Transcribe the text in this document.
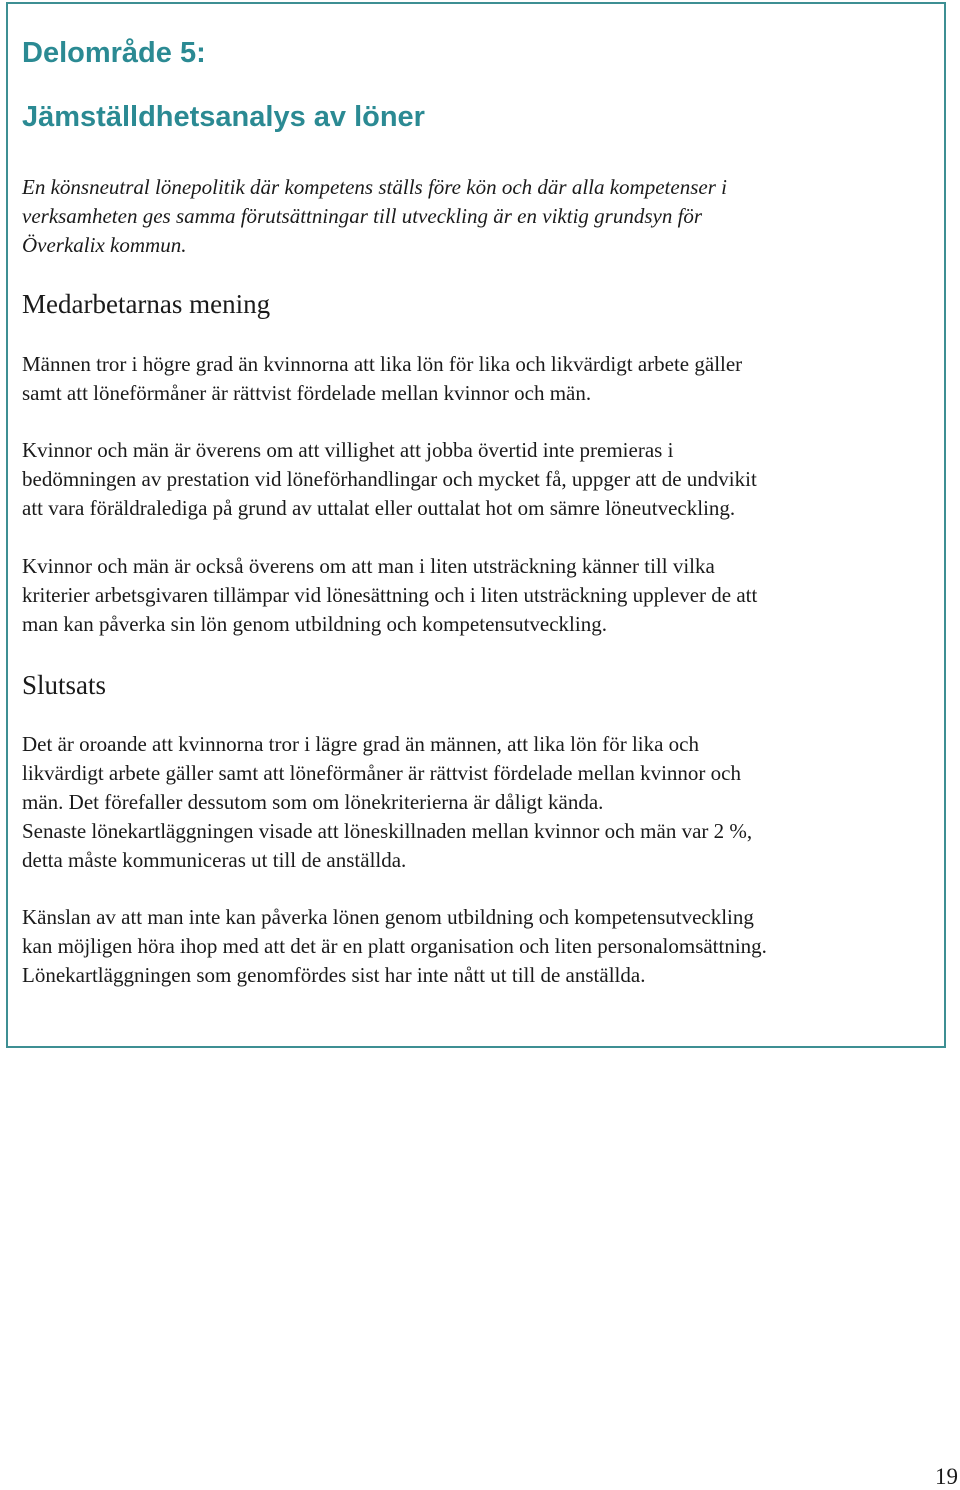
Delområde 5:
Jämställdhetsanalys av löner
En könsneutral lönepolitik där kompetens ställs före kön och där alla kompetenser i
verksamheten ges samma förutsättningar till utveckling är en viktig grundsyn för
Överkalix kommun.
Medarbetarnas mening
Männen tror i högre grad än kvinnorna att lika lön för lika och likvärdigt arbete gäller
samt att löneförmåner är rättvist fördelade mellan kvinnor och män.
Kvinnor och män är överens om att villighet att jobba övertid inte premieras i
bedömningen av prestation vid löneförhandlingar och mycket få, uppger att de undvikit
att vara föräldralediga på grund av uttalat eller outtalat hot om sämre löneutveckling.
Kvinnor och män är också överens om att man i liten utsträckning känner till vilka
kriterier arbetsgivaren tillämpar vid lönesättning och i liten utsträckning upplever de att
man kan påverka sin lön genom utbildning och kompetensutveckling.
Slutsats
Det är oroande att kvinnorna tror i lägre grad än männen, att lika lön för lika och
likvärdigt arbete gäller samt att löneförmåner är rättvist fördelade mellan kvinnor och
män. Det förefaller dessutom som om lönekriterierna är dåligt kända.
Senaste lönekartläggningen visade att löneskillnaden mellan kvinnor och män var 2 %,
detta måste kommuniceras ut till de anställda.
Känslan av att man inte kan påverka lönen genom utbildning och kompetensutveckling
kan möjligen höra ihop med att det är en platt organisation och liten personalomsättning.
Lönekartläggningen som genomfördes sist har inte nått ut till de anställda.
19
